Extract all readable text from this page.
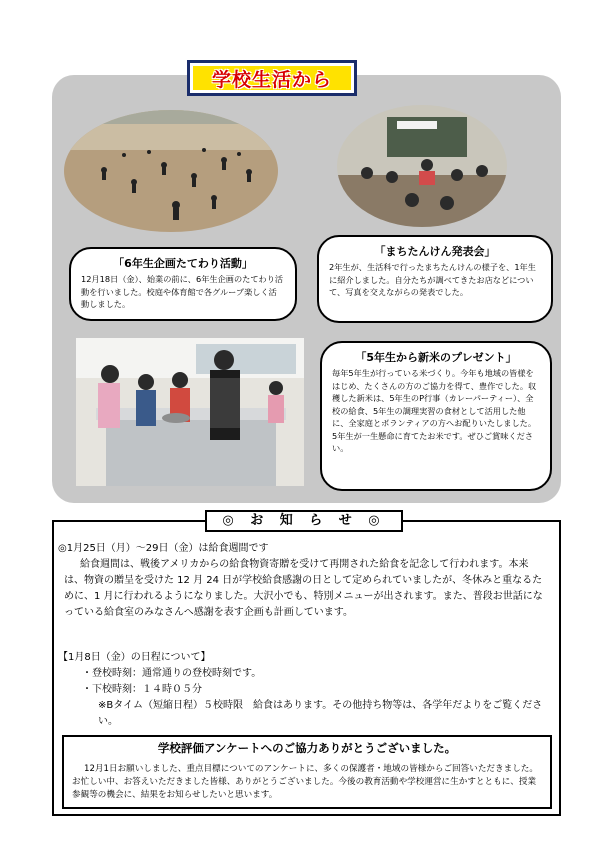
学校生活から
「6年生企画たてわり活動」
12月18日（金）、始業の前に、6年生企画のたてわり活動を行いました。校庭や体育館で各グループ楽しく活動しました。
「まちたんけん発表会」
2年生が、生活科で行ったまちたんけんの様子を、1年生に紹介しました。自分たちが調べてきたお店などについて、写真を交えながらの発表でした。
「5年生から新米のプレゼント」
毎年5年生が行っている米づくり。今年も地域の皆様をはじめ、たくさんの方のご協力を得て、豊作でした。収穫した新米は、5年生のP行事（カレーパーティー）、全校の給食、5年生の調理実習の食材として活用した他に、全家庭とボランティアの方へお配りいたしました。5年生が一生懸命に育てたお米です。ぜひご賞味ください。
◎ お 知 ら せ ◎
◎1月25日（月）～29日（金）は給食週間です
給食週間は、戦後アメリカからの給食物資寄贈を受けて再開された給食を記念して行われます。本来は、物資の贈呈を受けた 12 月 24 日が学校給食感謝の日として定められていましたが、冬休みと重なるために、1 月に行われるようになりました。大沢小でも、特別メニューが出されます。また、普段お世話になっている給食室のみなさんへ感謝を表す企画も計画しています。
【1月8日（金）の日程について】
・登校時刻：通常通りの登校時刻です。
・下校時刻：１４時０５分
※Bタイム（短縮日程）５校時限　給食はあります。その他持ち物等は、各学年だよりをご覧ください。
学校評価アンケートへのご協力ありがとうございました。
12月1日お願いしました、重点目標についてのアンケートに、多くの保護者・地域の皆様からご回答いただきました。お忙しい中、お答えいただきました皆様、ありがとうございました。今後の教育活動や学校運営に生かすとともに、授業参観等の機会に、結果をお知らせしたいと思います。
